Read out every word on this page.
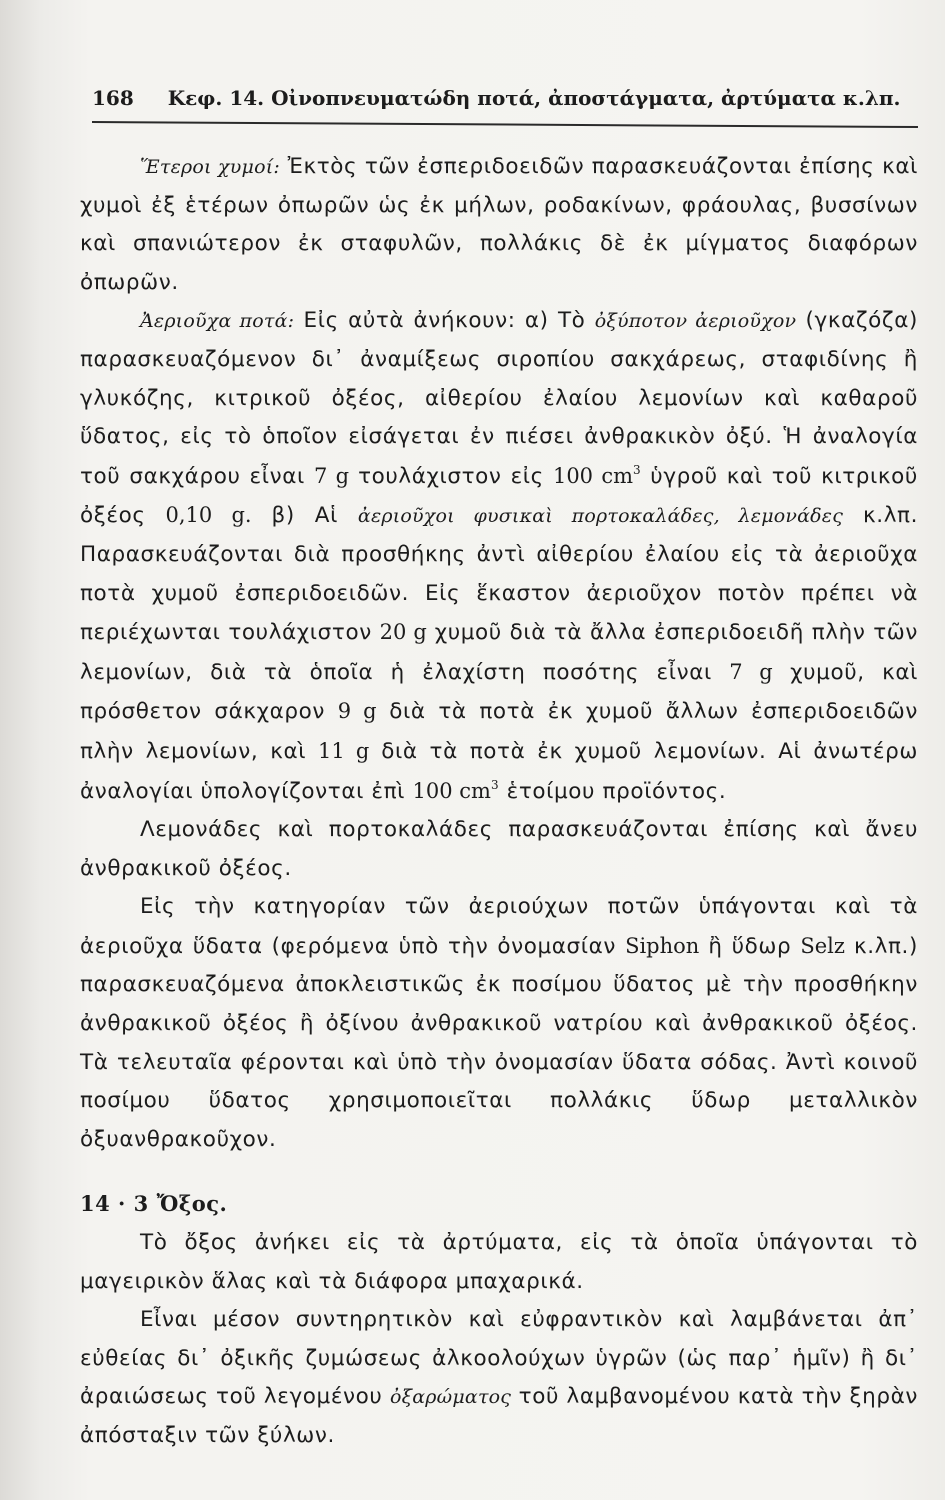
168 Κεφ. 14. Οἰνοπνευματώδη ποτά, ἀποστάγματα, ἀρτύματα κ.λπ.

Ἕτεροι χυμοί: Ἐκτὸς τῶν ἐσπεριδοειδῶν παρασκευάζονται ἐπίσης καὶ χυμοὶ ἐξ ἑτέρων ὀπωρῶν ὡς ἐκ μήλων, ροδακίνων, φράουλας, βυσσίνων καὶ σπανιώτερον ἐκ σταφυλῶν, πολλάκις δὲ ἐκ μίγματος διαφόρων ὀπωρῶν.

Ἀεριοῦχα ποτά: Εἰς αὐτὰ ἀνήκουν: α) Τὸ ὀξύποτον ἀεριοῦχον (γκαζόζα) παρασκευαζόμενον δι᾽ ἀναμίξεως σιροπίου σακχάρεως, σταφιδίνης ἢ γλυκόζης, κιτρικοῦ ὀξέος, αἰθερίου ἐλαίου λεμονίων καὶ καθαροῦ ὕδατος, εἰς τὸ ὁποῖον εἰσάγεται ἐν πιέσει ἀνθρακικὸν ὀξύ. Ἡ ἀναλογία τοῦ σακχάρου εἶναι 7 g τουλάχιστον εἰς 100 $cm^3$ ὑγροῦ καὶ τοῦ κιτρικοῦ ὀξέος 0,10 g. β) Αἱ ἀεριοῦχοι φυσικαὶ πορτοκαλάδες, λεμονάδες κ.λπ. Παρασκευάζονται διὰ προσθήκης ἀντὶ αἰθερίου ἐλαίου εἰς τὰ ἀεριοῦχα ποτὰ χυμοῦ ἐσπεριδοειδῶν. Εἰς ἕκαστον ἀεριοῦχον ποτὸν πρέπει νὰ περιέχωνται τουλάχιστον 20 g χυμοῦ διὰ τὰ ἄλλα ἐσπεριδοειδῆ πλὴν τῶν λεμονίων, διὰ τὰ ὁποῖα ἡ ἐλαχίστη ποσότης εἶναι 7 g χυμοῦ, καὶ πρόσθετον σάκχαρον 9 g διὰ τὰ ποτὰ ἐκ χυμοῦ ἄλλων ἐσπεριδοειδῶν πλὴν λεμονίων, καὶ 11 g διὰ τὰ ποτὰ ἐκ χυμοῦ λεμονίων. Αἱ ἀνωτέρω ἀναλογίαι ὑπολογίζονται ἐπὶ 100 $cm^3$ ἑτοίμου προϊόντος.

Λεμονάδες καὶ πορτοκαλάδες παρασκευάζονται ἐπίσης καὶ ἄνευ ἀνθρακικοῦ ὀξέος.

Εἰς τὴν κατηγορίαν τῶν ἀεριούχων ποτῶν ὑπάγονται καὶ τὰ ἀεριοῦχα ὕδατα (φερόμενα ὑπὸ τὴν ὀνομασίαν Siphon ἢ ὕδωρ Selz κ.λπ.) παρασκευαζόμενα ἀποκλειστικῶς ἐκ ποσίμου ὕδατος μὲ τὴν προσθήκην ἀνθρακικοῦ ὀξέος ἢ ὀξίνου ἀνθρακικοῦ νατρίου καὶ ἀνθρακικοῦ ὀξέος. Τὰ τελευταῖα φέρονται καὶ ὑπὸ τὴν ὀνομασίαν ὕδατα σόδας. Ἀντὶ κοινοῦ ποσίμου ὕδατος χρησιμοποιεῖται πολλάκις ὕδωρ μεταλλικὸν ὀξυανθρακοῦχον.

14 · 3 Ὄξος.

Τὸ ὄξος ἀνήκει εἰς τὰ ἀρτύματα, εἰς τὰ ὁποῖα ὑπάγονται τὸ μαγειρικὸν ἅλας καὶ τὰ διάφορα μπαχαρικά.

Εἶναι μέσον συντηρητικὸν καὶ εὐφραντικὸν καὶ λαμβάνεται ἀπ᾽ εὐθείας δι᾽ ὀξικῆς ζυμώσεως ἀλκοολούχων ὑγρῶν (ὡς παρ᾽ ἡμῖν) ἢ δι᾽ ἀραιώσεως τοῦ λεγομένου ὀξαρώματος τοῦ λαμβανομένου κατὰ τὴν ξηρὰν ἀπόσταξιν τῶν ξύλων.
